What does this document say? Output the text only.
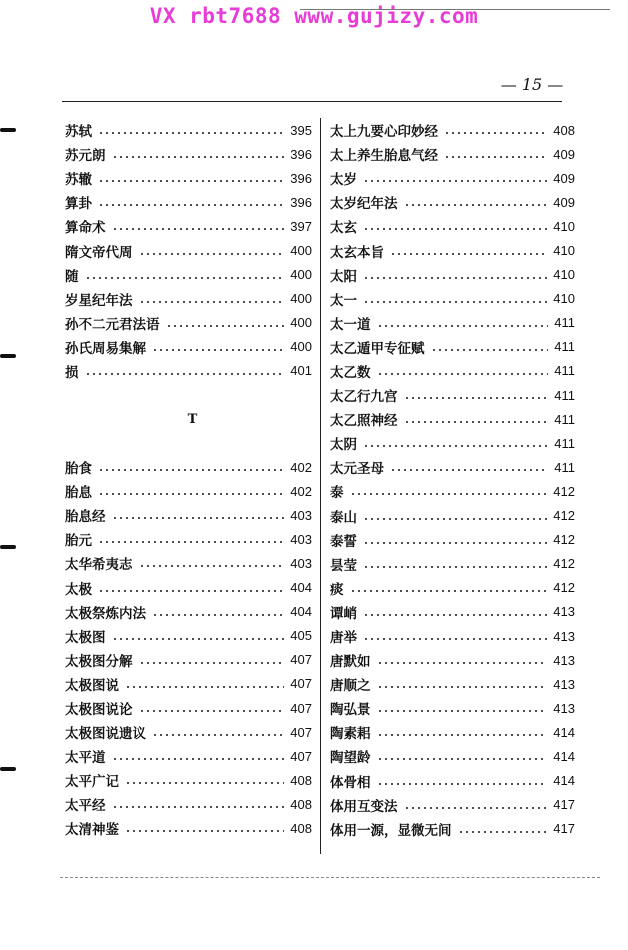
VX rbt7688 www.gujizy.com
— 15 —
苏轼	395
苏元朗	396
苏辙	396
算卦	396
算命术	397
隋文帝代周	400
随	400
岁星纪年法	400
孙不二元君法语	400
孙氏周易集解	400
损	401
T
胎食	402
胎息	402
胎息经	403
胎元	403
太华希夷志	403
太极	404
太极祭炼内法	404
太极图	405
太极图分解	407
太极图说	407
太极图说论	407
太极图说遗议	407
太平道	407
太平广记	408
太平经	408
太清神鉴	408
太上九要心印妙经	408
太上养生胎息气经	409
太岁	409
太岁纪年法	409
太玄	410
太玄本旨	410
太阳	410
太一	410
太一道	411
太乙遁甲专征赋	411
太乙数	411
太乙行九宫	411
太乙照神经	411
太阴	411
太元圣母	411
泰	412
泰山	412
泰誓	412
昙莹	412
痰	412
谭峭	413
唐举	413
唐默如	413
唐顺之	413
陶弘景	413
陶素耜	414
陶望龄	414
体骨相	414
体用互变法	417
体用一源，显微无间	417
